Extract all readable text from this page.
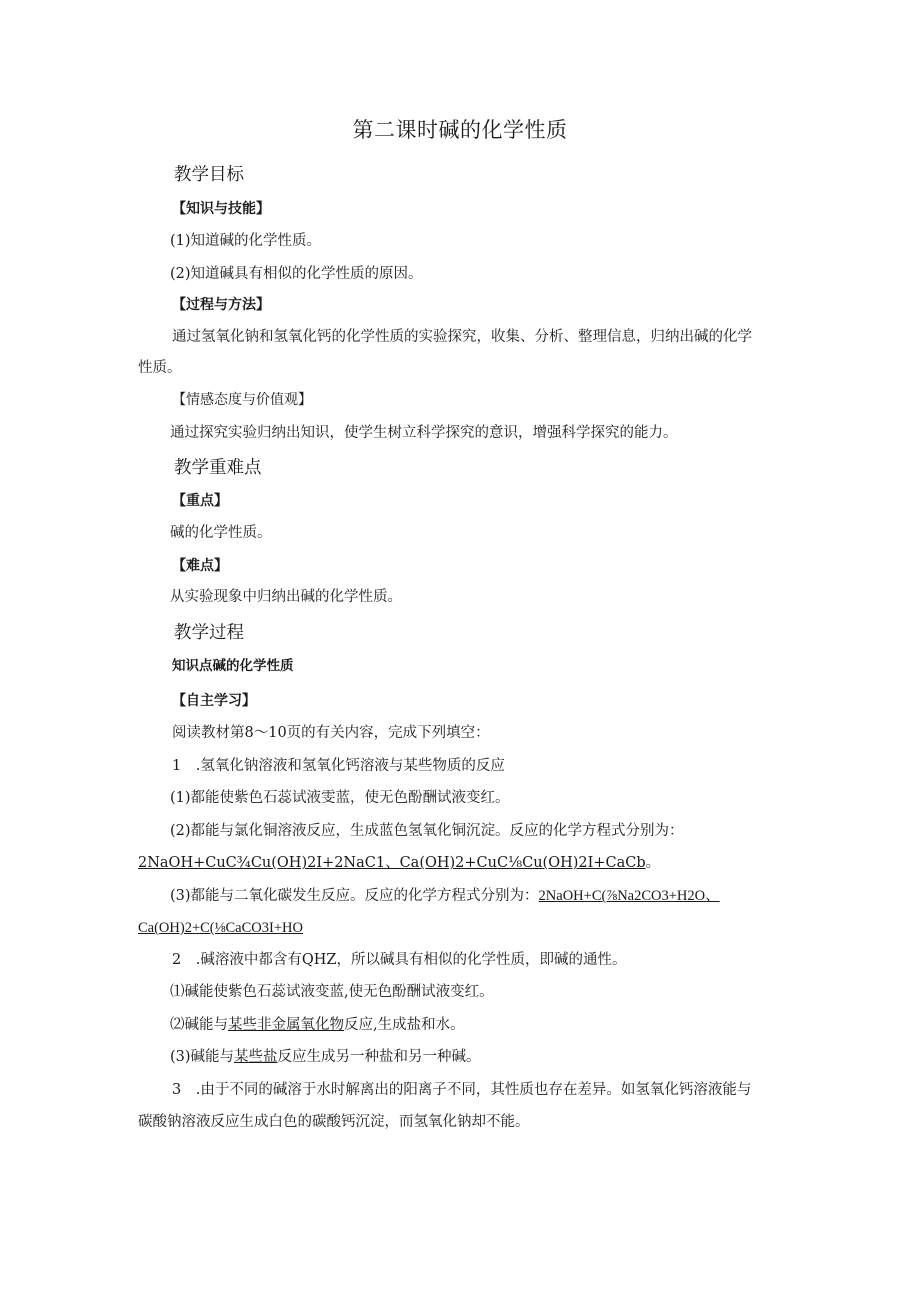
第二课时碱的化学性质
教学目标
【知识与技能】
(1)知道碱的化学性质。
(2)知道碱具有相似的化学性质的原因。
【过程与方法】
通过氢氧化钠和氢氧化钙的化学性质的实验探究，收集、分析、整理信息，归纳出碱的化学
性质。
【情感态度与价值观】
通过探究实验归纳出知识，使学生树立科学探究的意识，增强科学探究的能力。
教学重难点
【重点】
碱的化学性质。
【难点】
从实验现象中归纳出碱的化学性质。
教学过程
知识点碱的化学性质
【自主学习】
阅读教材第8～10页的有关内容，完成下列填空：
1　.氢氧化钠溶液和氢氧化钙溶液与某些物质的反应
(1)都能使紫色石蕊试液雯蓝，使无色酚酬试液变红。
(2)都能与氯化铜溶液反应，生成蓝色氢氧化铜沉淀。反应的化学方程式分别为：
2NaOH+CuC¾Cu(OH)2I+2NaC1、Ca(OH)2+CuC⅛Cu(OH)2I+CaCb。
(3)都能与二氧化碳发生反应。反应的化学方程式分别为：2NaOH+C(⅞Na2CO3+H2O、
Ca(OH)2+C(⅛CaCO3I+HO
2　.碱溶液中都含有QHZ，所以碱具有相似的化学性质，即碱的通性。
⑴碱能使紫色石蕊试液变蓝,使无色酚酬试液变红。
⑵碱能与某些非金属氧化物反应,生成盐和水。
(3)碱能与某些盐反应生成另一种盐和另一种碱。
3　.由于不同的碱溶于水时解离出的阳离子不同，其性质也存在差异。如氢氧化钙溶液能与
碳酸钠溶液反应生成白色的碳酸钙沉淀，而氢氧化钠却不能。
